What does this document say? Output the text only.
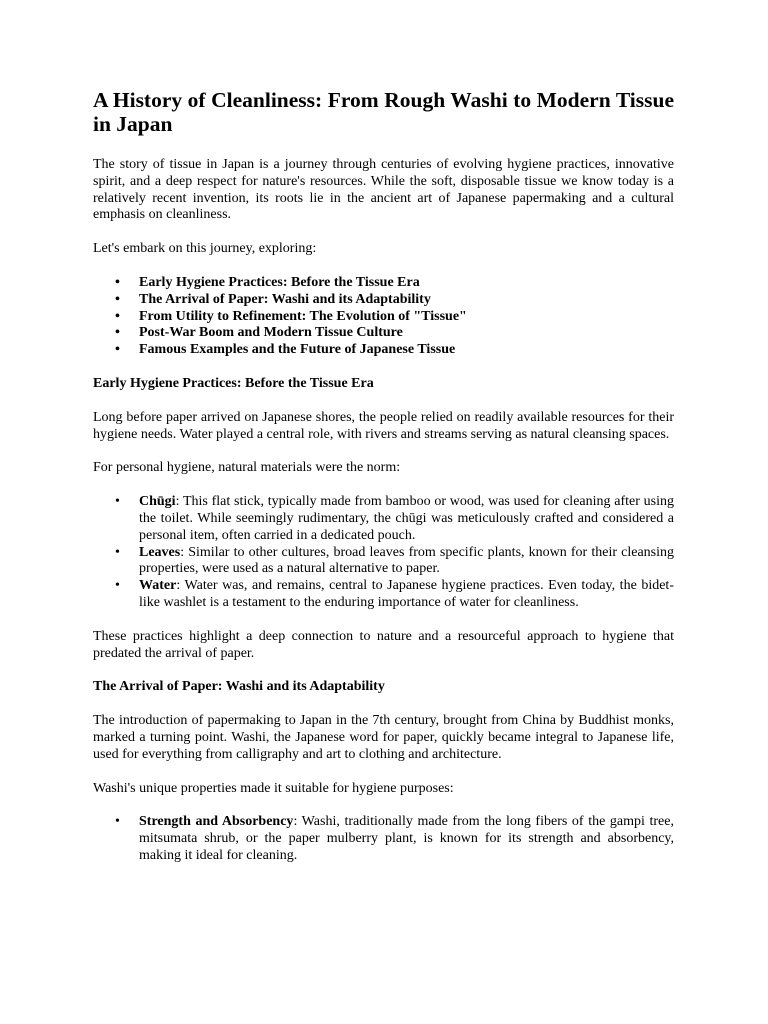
A History of Cleanliness: From Rough Washi to Modern Tissue in Japan

The story of tissue in Japan is a journey through centuries of evolving hygiene practices, innovative spirit, and a deep respect for nature's resources. While the soft, disposable tissue we know today is a relatively recent invention, its roots lie in the ancient art of Japanese papermaking and a cultural emphasis on cleanliness.

Let's embark on this journey, exploring:

• Early Hygiene Practices: Before the Tissue Era
• The Arrival of Paper: Washi and its Adaptability
• From Utility to Refinement: The Evolution of "Tissue"
• Post-War Boom and Modern Tissue Culture
• Famous Examples and the Future of Japanese Tissue
Early Hygiene Practices: Before the Tissue Era

Long before paper arrived on Japanese shores, the people relied on readily available resources for their hygiene needs. Water played a central role, with rivers and streams serving as natural cleansing spaces.

For personal hygiene, natural materials were the norm:

• Chūgi: This flat stick, typically made from bamboo or wood, was used for cleaning after using the toilet. While seemingly rudimentary, the chūgi was meticulously crafted and considered a personal item, often carried in a dedicated pouch.
• Leaves: Similar to other cultures, broad leaves from specific plants, known for their cleansing properties, were used as a natural alternative to paper.
• Water: Water was, and remains, central to Japanese hygiene practices. Even today, the bidet-like washlet is a testament to the enduring importance of water for cleanliness.

These practices highlight a deep connection to nature and a resourceful approach to hygiene that predated the arrival of paper.

The Arrival of Paper: Washi and its Adaptability

The introduction of papermaking to Japan in the 7th century, brought from China by Buddhist monks, marked a turning point. Washi, the Japanese word for paper, quickly became integral to Japanese life, used for everything from calligraphy and art to clothing and architecture.

Washi's unique properties made it suitable for hygiene purposes:

• Strength and Absorbency: Washi, traditionally made from the long fibers of the gampi tree, mitsumata shrub, or the paper mulberry plant, is known for its strength and absorbency, making it ideal for cleaning.
